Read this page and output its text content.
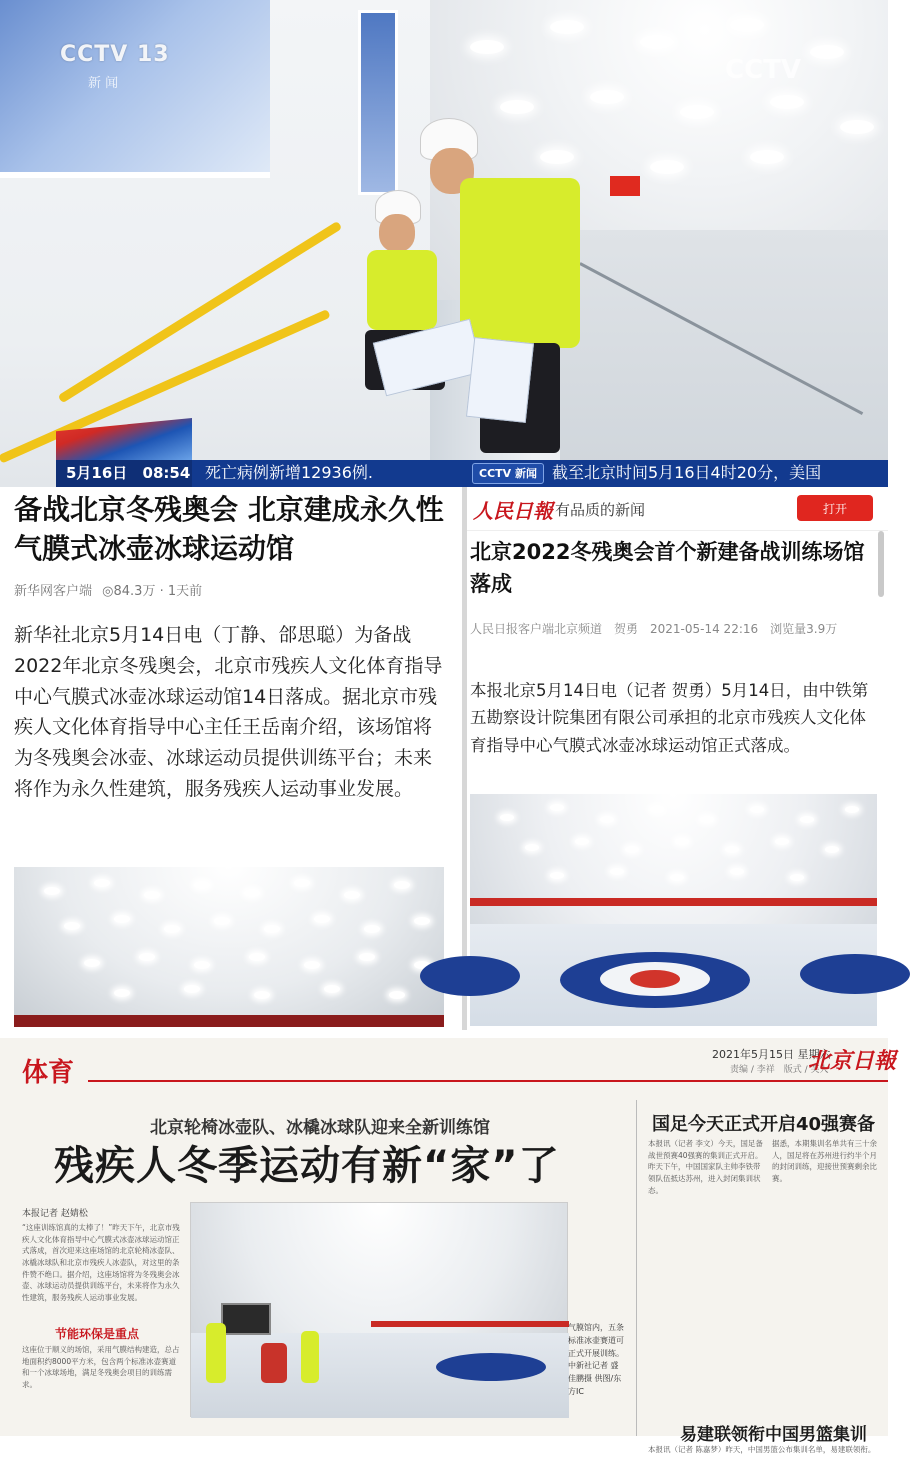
CCTV 13
新 闻	CCTV
5月16日 08:54 死亡病例新增12936例.	CCTV 新闻 截至北京时间5月16日4时20分，美国
备战北京冬残奥会 北京建成永久性气膜式冰壶冰球运动馆
新华网客户端 ◎84.3万 · 1天前
新华社北京5月14日电（丁静、郃思聪）为备战2022年北京冬残奥会，北京市残疾人文化体育指导中心气膜式冰壶冰球运动馆14日落成。据北京市残疾人文化体育指导中心主任王岳南介绍，该场馆将为冬残奥会冰壶、冰球运动员提供训练平台；未来将作为永久性建筑，服务残疾人运动事业发展。
人民日報 有品质的新闻	打开
北京2022冬残奥会首个新建备战训练场馆落成
人民日报客户端北京频道　贺勇　2021-05-14 22:16　浏览量3.9万
本报北京5月14日电（记者 贺勇）5月14日，由中铁第五勘察设计院集团有限公司承担的北京市残疾人文化体育指导中心气膜式冰壶冰球运动馆正式落成。
体育
2021年5月15日 星期六
责编 / 李祥　版式 / 笑人
北京日報
北京轮椅冰壶队、冰橇冰球队迎来全新训练馆
残疾人冬季运动有新“家”了
本报记者 赵婧松
“这座训练馆真的太棒了！”昨天下午，北京市残疾人文化体育指导中心气膜式冰壶冰球运动馆正式落成，首次迎来这座场馆的北京轮椅冰壶队、冰橇冰球队和北京市残疾人冰壶队，对这里的条件赞不绝口。据介绍，这座场馆将为冬残奥会冰壶、冰球运动员提供训练平台，未来将作为永久性建筑，服务残疾人运动事业发展。
节能环保是重点
这座位于顺义的场馆，采用气膜结构建造，总占地面积约8000平方米，包含两个标准冰壶赛道和一个冰球场地，满足冬残奥会项目的训练需求。
气膜馆内，五条标准冰壶赛道可正式开展训练。中新社记者 盛佳鹏摄 供图/东方IC
国足今天正式开启40强赛备
本报讯（记者 李文）今天，国足备战世预赛40强赛的集训正式开启。昨天下午，中国国家队主帅李铁带领队伍抵达苏州，进入封闭集训状态。
据悉，本期集训名单共有三十余人，国足将在苏州进行约半个月的封闭训练，迎接世预赛剩余比赛。
易建联领衔中国男篮集训
本报讯（记者 陈嘉梦）昨天，中国男篮公布集训名单，易建联领衔。
